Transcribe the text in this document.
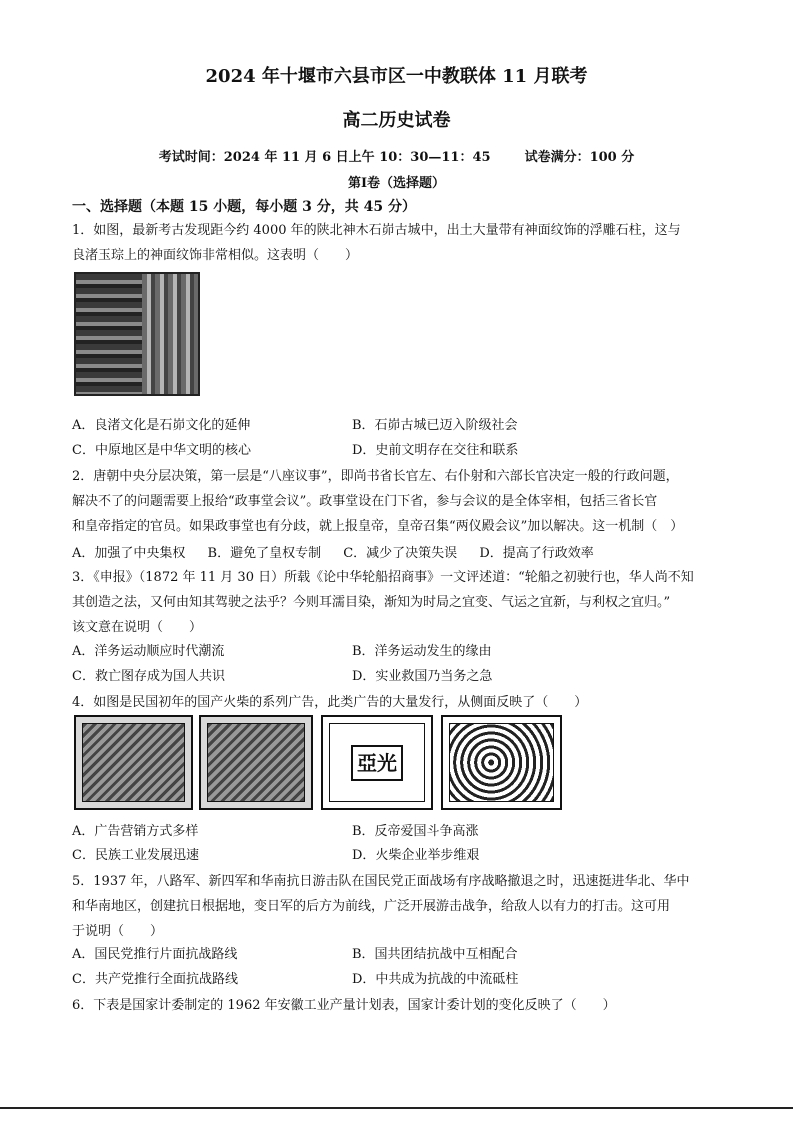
2024 年十堰市六县市区一中教联体 11 月联考
高二历史试卷
考试时间：2024 年 11 月 6 日上午 10：30—11：45	试卷满分：100 分
第Ⅰ卷（选择题）
一、选择题（本题 15 小题，每小题 3 分，共 45 分）
1．如图，最新考古发现距今约 4000 年的陕北神木石峁古城中，出土大量带有神面纹饰的浮雕石柱，这与
良渚玉琮上的神面纹饰非常相似。这表明（　　）
A．良渚文化是石峁文化的延伸	B．石峁古城已迈入阶级社会
C．中原地区是中华文明的核心	D．史前文明存在交往和联系
2．唐朝中央分层决策，第一层是“八座议事”，即尚书省长官左、右仆射和六部长官决定一般的行政问题，
解决不了的问题需要上报给“政事堂会议”。政事堂设在门下省，参与会议的是全体宰相，包括三省长官
和皇帝指定的官员。如果政事堂也有分歧，就上报皇帝，皇帝召集“两仪殿会议”加以解决。这一机制（　）
A．加强了中央集权 B．避免了皇权专制 C．减少了决策失误 D．提高了行政效率
3．《申报》（1872 年 11 月 30 日）所载《论中华轮船招商事》一文评述道：“轮船之初驶行也，华人尚不知
其创造之法，又何由知其驾驶之法乎？今则耳濡目染，渐知为时局之宜变、气运之宜新，与利权之宜归。”
该文意在说明（　　）
A．洋务运动顺应时代潮流	B．洋务运动发生的缘由
C．救亡图存成为国人共识	D．实业救国乃当务之急
4．如图是民国初年的国产火柴的系列广告，此类广告的大量发行，从侧面反映了（　　）
亞光
A．广告营销方式多样	B．反帝爱国斗争高涨
C．民族工业发展迅速	D．火柴企业举步维艰
5．1937 年，八路军、新四军和华南抗日游击队在国民党正面战场有序战略撤退之时，迅速挺进华北、华中
和华南地区，创建抗日根据地，变日军的后方为前线，广泛开展游击战争，给敌人以有力的打击。这可用
于说明（　　）
A．国民党推行片面抗战路线	B．国共团结抗战中互相配合
C．共产党推行全面抗战路线	D．中共成为抗战的中流砥柱
6．下表是国家计委制定的 1962 年安徽工业产量计划表，国家计委计划的变化反映了（　　）
